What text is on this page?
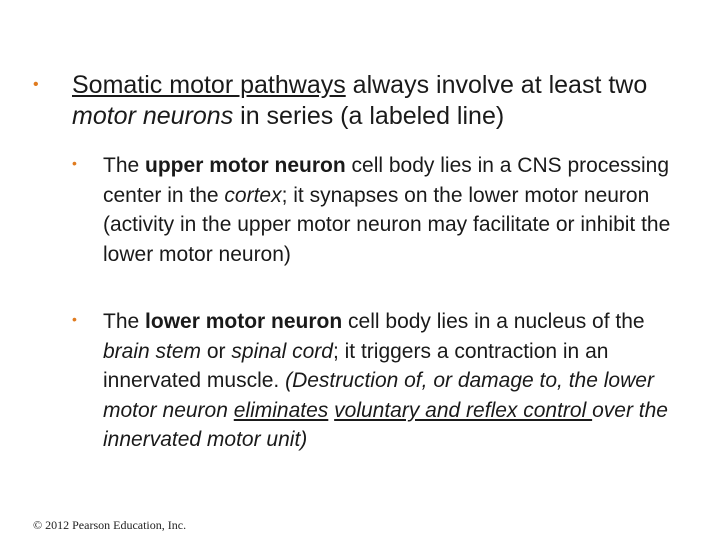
• Somatic motor pathways always involve at least two motor neurons in series (a labeled line)
• The upper motor neuron cell body lies in a CNS processing center in the cortex; it synapses on the lower motor neuron (activity in the upper motor neuron may facilitate or inhibit the lower motor neuron)
• The lower motor neuron cell body lies in a nucleus of the brain stem or spinal cord; it triggers a contraction in an innervated muscle. (Destruction of, or damage to, the lower motor neuron eliminates voluntary and reflex control over the innervated motor unit)
© 2012 Pearson Education, Inc.
